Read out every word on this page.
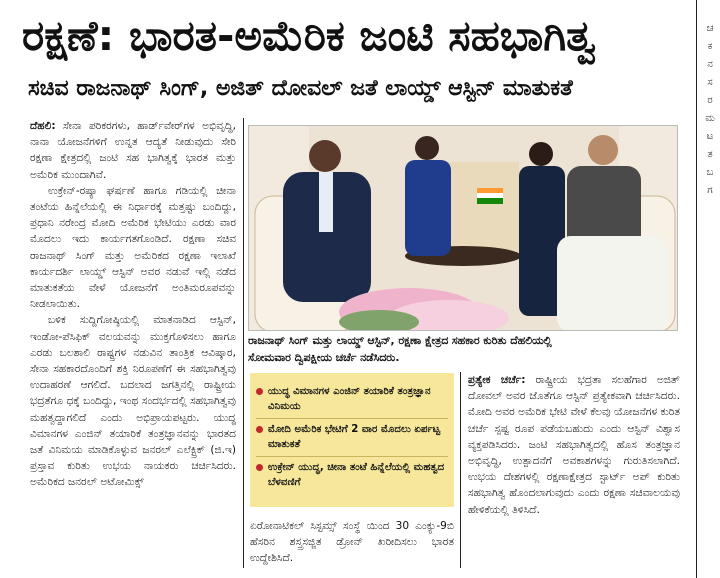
ರಕ್ಷಣೆ: ಭಾರತ-ಅಮೆರಿಕ ಜಂಟಿ ಸಹಭಾಗಿತ್ವ
ಸಚಿವ ರಾಜನಾಥ್ ಸಿಂಗ್, ಅಜಿತ್ ದೋವಲ್ ಜತೆ ಲಾಯ್ಡ್ ಆಸ್ಟಿನ್ ಮಾತುಕತೆ

ದೆಹಲಿ: ಸೇನಾ ಪರಿಕರಗಳು, ಹಾರ್ಡ್‌ವೇರ್‌ಗಳ ಅಭಿವೃದ್ಧಿ, ನಾನಾ ಯೋಜನೆಗಳಿಗೆ ಉನ್ನತ ಆದ್ಯತೆ ನೀಡುವುದು ಸೇರಿ ರಕ್ಷಣಾ ಕ್ಷೇತ್ರದಲ್ಲಿ ಜಂಟಿ ಸಹ ಭಾಗಿತ್ವಕ್ಕೆ ಭಾರತ ಮತ್ತು ಅಮೆರಿಕ ಮುಂದಾಗಿವೆ.

ಉಕ್ರೇನ್-ರಷ್ಯಾ ಘರ್ಷಣೆ ಹಾಗೂ ಗಡಿಯಲ್ಲಿ ಚೀನಾ ತಂಟೆಯ ಹಿನ್ನೆಲೆಯಲ್ಲಿ ಈ ನಿರ್ಧಾರಕ್ಕೆ ಮತ್ತಷ್ಟು ಬಂದಿದ್ದು, ಪ್ರಧಾನಿ ನರೇಂದ್ರ ಮೋದಿ ಅಮೆರಿಕ ಭೇಟಿಯು ಎರಡು ವಾರ ಮೊದಲು ಇದು ಕಾರ್ಯಗತಗೊಂಡಿದೆ. ರಕ್ಷಣಾ ಸಚಿವ ರಾಜನಾಥ್ ಸಿಂಗ್ ಮತ್ತು ಅಮೆರಿಕದ ರಕ್ಷಣಾ ಇಲಾಖೆ ಕಾರ್ಯದರ್ಶಿ ಲಾಯ್ಡ್ ಆಸ್ಟಿನ್ ಅವರ ನಡುವೆ ಇಲ್ಲಿ ನಡೆದ ಮಾತುಕತೆಯ ವೇಳೆ ಯೋಜನೆಗೆ ಅಂತಿಮರೂಪವನ್ನು ನೀಡಲಾಯಿತು.

ಬಳಿಕ ಸುದ್ದಿಗೋಷ್ಠಿಯಲ್ಲಿ ಮಾತನಾಡಿದ ಆಸ್ಟಿನ್, ಇಂಡೋ-ಪೆಸಿಫಿಕ್ ವಲಯವನ್ನು ಮುಕ್ತಗೊಳಿಸಲು ಹಾಗೂ ಎರಡು ಬಲಶಾಲಿ ರಾಷ್ಟ್ರಗಳ ನಡುವಿನ ತಾಂತ್ರಿಕ ಆವಿಷ್ಕಾರ, ಸೇನಾ ಸಹಕಾರದೊಂದಿಗೆ ಶಕ್ತಿ ನಿರೂಪಣೆಗೆ ಈ ಸಹಭಾಗಿತ್ವವು ಉದಾಹರಣೆ ಆಗಲಿದೆ. ಬದಲಾದ ಜಗತ್ತಿನಲ್ಲಿ ರಾಷ್ಟ್ರೀಯ ಭದ್ರತೆಗೂ ಧಕ್ಕೆ ಬಂದಿದ್ದು, ಇಂಥ ಸಂದರ್ಭದಲ್ಲಿ ಸಹಭಾಗಿತ್ವವು ಮಹತ್ವದ್ದಾಗಲಿದೆ ಎಂದು ಅಭಿಪ್ರಾಯಪಟ್ಟರು. ಯುದ್ಧ ವಿಮಾನಗಳ ಎಂಜಿನ್ ತಯಾರಿಕೆ ತಂತ್ರಜ್ಞಾನವನ್ನು ಭಾರತದ ಜತೆ ವಿನಿಮಯ ಮಾಡಿಕೊಳ್ಳುವ ಜನರಲ್ ಎಲೆಕ್ಟ್ರಿಕ್ (ಜಿ.ಇ) ಪ್ರಸ್ತಾವ ಕುರಿತು ಉಭಯ ನಾಯಕರು ಚರ್ಚಿಸಿದರು. ಅಮೆರಿಕದ ಜನರಲ್ ಅಟೋಮಿಕ್ಸ್

ರಾಜನಾಥ್ ಸಿಂಗ್ ಮತ್ತು ಲಾಯ್ಡ್ ಆಸ್ಟಿನ್, ರಕ್ಷಣಾ ಕ್ಷೇತ್ರದ ಸಹಕಾರ ಕುರಿತು ದೆಹಲಿಯಲ್ಲಿ
ಸೋಮವಾರ ದ್ವಿಪಕ್ಷೀಯ ಚರ್ಚೆ ನಡೆಸಿದರು.
ಯುದ್ಧ ವಿಮಾನಗಳ ಎಂಜಿನ್ ತಯಾರಿಕೆ ತಂತ್ರಜ್ಞಾನ ವಿನಿಮಯ
ಮೋದಿ ಅಮೆರಿಕ ಭೇಟಿಗೆ 2 ವಾರ ಮೊದಲು ಏರ್ಪಟ್ಟ ಮಾತುಕತೆ
ಉಕ್ರೇನ್ ಯುದ್ಧ, ಚೀನಾ ತಂಟೆ ಹಿನ್ನೆಲೆಯಲ್ಲಿ ಮಹತ್ವದ ಬೆಳವಣಿಗೆ

ಏರೋನಾಟಿಕಲ್ ಸಿಸ್ಟಮ್ಸ್ ಸಂಸ್ಥೆ ಯಿಂದ 30 ಎಂಕ್ಯು-9ಬಿ ಹೆಸರಿನ ಶಸ್ತ್ರಸಜ್ಜಿತ ಡ್ರೋನ್ ಖರೀದಿಸಲು ಭಾರತ ಉದ್ದೇಶಿಸಿದೆ.

ಪ್ರತ್ಯೇಕ ಚರ್ಚೆ: ರಾಷ್ಟ್ರೀಯ ಭದ್ರತಾ ಸಲಹೆಗಾರ ಅಜಿತ್ ದೋವಲ್ ಅವರ ಜೊತೆಗೂ ಆಸ್ಟಿನ್ ಪ್ರತ್ಯೇಕವಾಗಿ ಚರ್ಚಿಸಿದರು. ಮೋದಿ ಅವರ ಅಮೆರಿಕ ಭೇಟಿ ವೇಳೆ ಕೆಲವು ಯೋಜನೆಗಳ ಕುರಿತ ಚರ್ಚೆ ಸ್ಪಷ್ಟ ರೂಪ ಪಡೆಯಬಹುದು ಎಂದು ಆಸ್ಟಿನ್ ವಿಶ್ವಾಸ ವ್ಯಕ್ತಪಡಿಸಿದರು. ಜಂಟಿ ಸಹಭಾಗಿತ್ವದಲ್ಲಿ ಹೊಸ ತಂತ್ರಜ್ಞಾನ ಅಭಿವೃದ್ಧಿ, ಉತ್ಪಾದನೆಗೆ ಅವಕಾಶಗಳನ್ನು ಗುರುತಿಸಲಾಗಿದೆ. ಉಭಯ ದೇಶಗಳಲ್ಲಿ ರಕ್ಷಣಾಕ್ಷೇತ್ರದ ಸ್ಟಾರ್ಟ್ ಅಪ್ ಕುರಿತು ಸಹಭಾಗಿತ್ವ ಹೊಂದಲಾಗುವುದು ಎಂದು ರಕ್ಷಣಾ ಸಚಿವಾಲಯವು ಹೇಳಿಕೆಯಲ್ಲಿ ತಿಳಿಸಿದೆ.

ಚ
ಕ
ನ
ಸ
ರ
ಮ
ಟ
ತ
ಬ
ಗ
